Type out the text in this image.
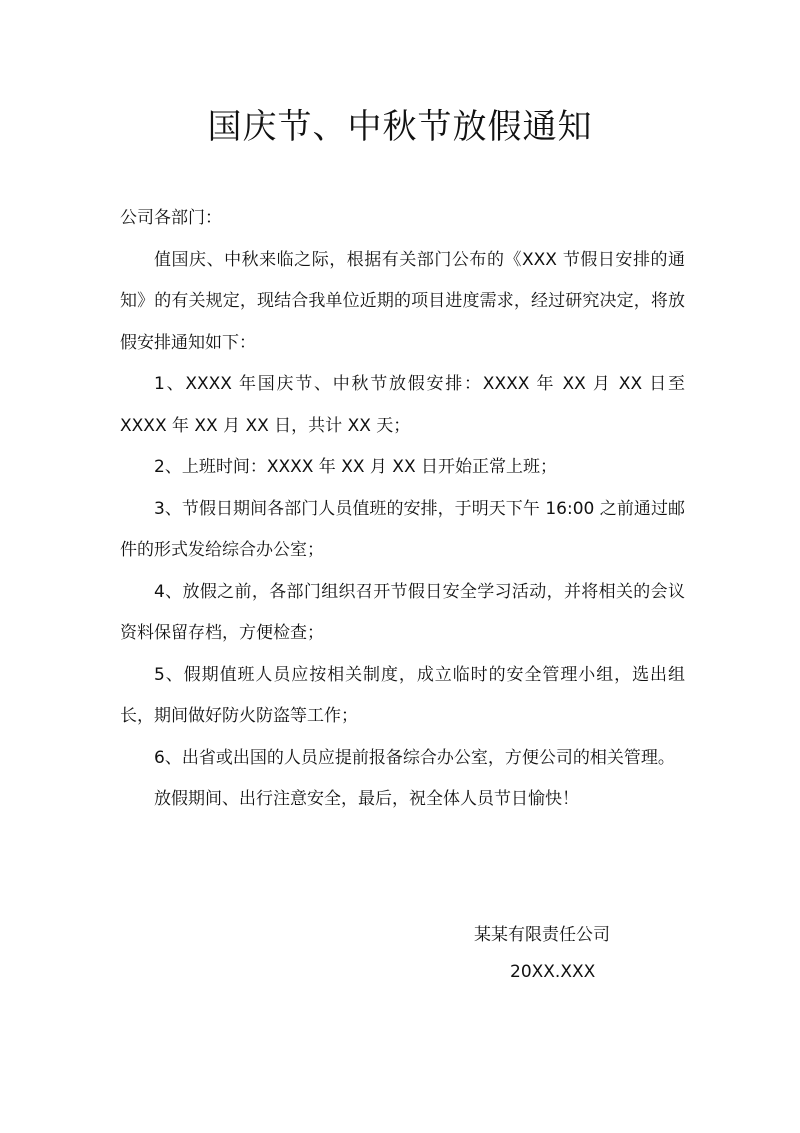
国庆节、中秋节放假通知

公司各部门：

值国庆、中秋来临之际，根据有关部门公布的《XXX 节假日安排的通知》的有关规定，现结合我单位近期的项目进度需求，经过研究决定，将放假安排通知如下：

1、XXXX 年国庆节、中秋节放假安排：XXXX 年 XX 月 XX 日至 XXXX 年 XX 月 XX 日，共计 XX 天；

2、上班时间：XXXX 年 XX 月 XX 日开始正常上班；

3、节假日期间各部门人员值班的安排，于明天下午 16:00 之前通过邮件的形式发给综合办公室；

4、放假之前，各部门组织召开节假日安全学习活动，并将相关的会议资料保留存档，方便检查；

5、假期值班人员应按相关制度，成立临时的安全管理小组，选出组长，期间做好防火防盗等工作；

6、出省或出国的人员应提前报备综合办公室，方便公司的相关管理。

放假期间、出行注意安全，最后，祝全体人员节日愉快！

某某有限责任公司
20XX.XXX
